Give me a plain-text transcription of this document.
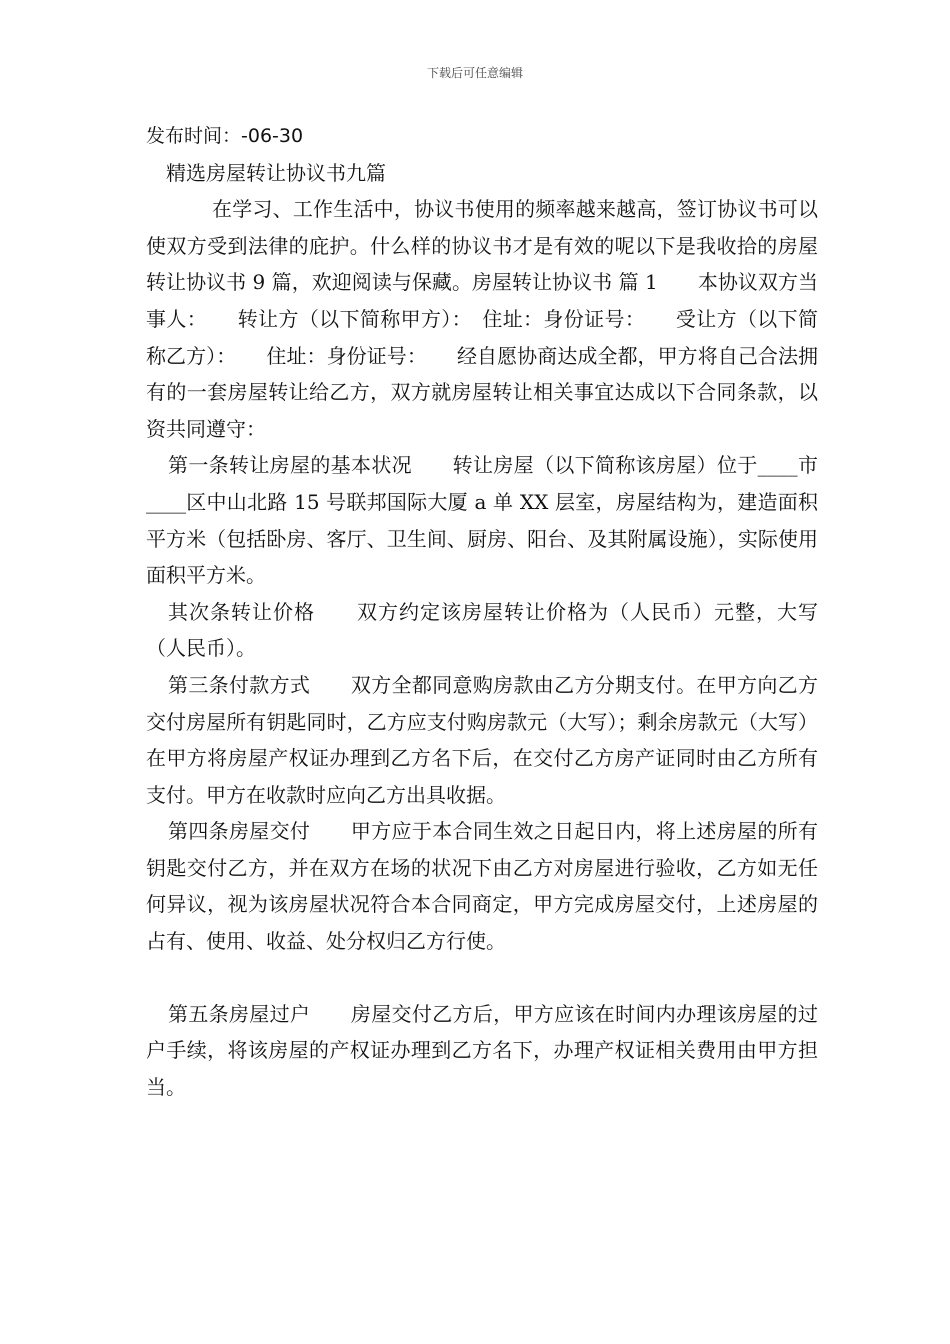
下载后可任意编辑
发布时间：-06-30
精选房屋转让协议书九篇

在学习、工作生活中，协议书使用的频率越来越高，签订协议书可以使双方受到法律的庇护。什么样的协议书才是有效的呢以下是我收拾的房屋转让协议书 9 篇，欢迎阅读与保藏。房屋转让协议书 篇 1　　本协议双方当事人：　　转让方（以下简称甲方）：　住址：身份证号：　　受让方（以下简称乙方）：　　住址：身份证号：　　经自愿协商达成全都，甲方将自己合法拥有的一套房屋转让给乙方，双方就房屋转让相关事宜达成以下合同条款，以资共同遵守：

第一条转让房屋的基本状况　　转让房屋（以下简称该房屋）位于____市____区中山北路 15 号联邦国际大厦 a 单 XX 层室，房屋结构为，建造面积平方米（包括卧房、客厅、卫生间、厨房、阳台、及其附属设施），实际使用面积平方米。

其次条转让价格　　双方约定该房屋转让价格为（人民币）元整，大写（人民币）。

第三条付款方式　　双方全都同意购房款由乙方分期支付。在甲方向乙方交付房屋所有钥匙同时，乙方应支付购房款元（大写）；剩余房款元（大写）在甲方将房屋产权证办理到乙方名下后，在交付乙方房产证同时由乙方所有支付。甲方在收款时应向乙方出具收据。

第四条房屋交付　　甲方应于本合同生效之日起日内，将上述房屋的所有钥匙交付乙方，并在双方在场的状况下由乙方对房屋进行验收，乙方如无任何异议，视为该房屋状况符合本合同商定，甲方完成房屋交付，上述房屋的占有、使用、收益、处分权归乙方行使。

第五条房屋过户　　房屋交付乙方后，甲方应该在时间内办理该房屋的过户手续，将该房屋的产权证办理到乙方名下，办理产权证相关费用由甲方担当。
